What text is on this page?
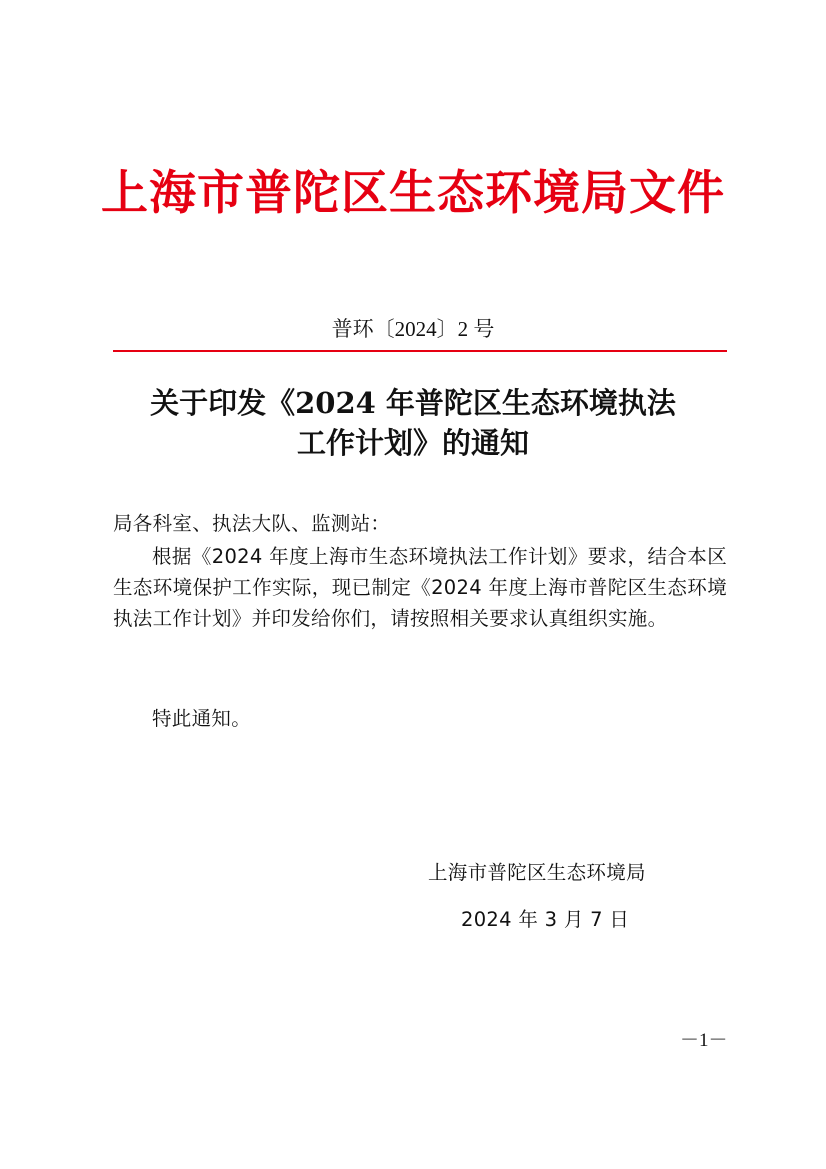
上海市普陀区生态环境局文件
普环〔2024〕2 号
关于印发《2024 年普陀区生态环境执法
工作计划》的通知
局各科室、执法大队、监测站：
根据《2024 年度上海市生态环境执法工作计划》要求，结合本区生态环境保护工作实际，现已制定《2024 年度上海市普陀区生态环境执法工作计划》并印发给你们，请按照相关要求认真组织实施。
特此通知。
上海市普陀区生态环境局
2024 年 3 月 7 日
－1－
